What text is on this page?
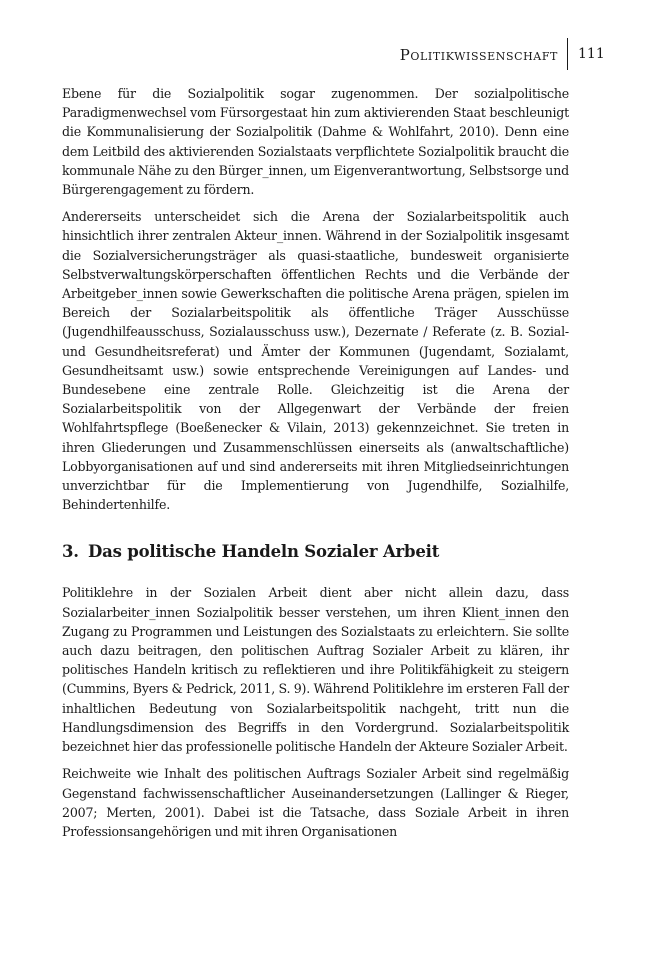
Politikwissenschaft 111

Ebene für die Sozialpolitik sogar zugenommen. Der sozialpolitische Paradigmenwechsel vom Fürsorgestaat hin zum aktivierenden Staat beschleunigt die Kommunalisierung der Sozialpolitik (Dahme & Wohlfahrt, 2010). Denn eine dem Leitbild des aktivierenden Sozialstaats verpflichtete Sozialpolitik braucht die kommunale Nähe zu den Bürger_innen, um Eigenverantwortung, Selbstsorge und Bürgerengagement zu fördern.

Andererseits unterscheidet sich die Arena der Sozialarbeitspolitik auch hinsichtlich ihrer zentralen Akteur_innen. Während in der Sozialpolitik insgesamt die Sozialversicherungsträger als quasi-staatliche, bundesweit organisierte Selbstverwaltungskörperschaften öffentlichen Rechts und die Verbände der Arbeitgeber_innen sowie Gewerkschaften die politische Arena prägen, spielen im Bereich der Sozialarbeitspolitik als öffentliche Träger Ausschüsse (Jugendhilfeausschuss, Sozialausschuss usw.), Dezernate / Referate (z. B. Sozial- und Gesundheitsreferat) und Ämter der Kommunen (Jugendamt, Sozialamt, Gesundheitsamt usw.) sowie entsprechende Vereinigungen auf Landes- und Bundesebene eine zentrale Rolle. Gleichzeitig ist die Arena der Sozialarbeitspolitik von der Allgegenwart der Verbände der freien Wohlfahrtspflege (Boeßenecker & Vilain, 2013) gekennzeichnet. Sie treten in ihren Gliederungen und Zusammenschlüssen einerseits als (anwaltschaftliche) Lobbyorganisationen auf und sind andererseits mit ihren Mitgliedseinrichtungen unverzichtbar für die Implementierung von Jugendhilfe, Sozialhilfe, Behindertenhilfe.

3. Das politische Handeln Sozialer Arbeit

Politiklehre in der Sozialen Arbeit dient aber nicht allein dazu, dass Sozialarbeiter_innen Sozialpolitik besser verstehen, um ihren Klient_innen den Zugang zu Programmen und Leistungen des Sozialstaats zu erleichtern. Sie sollte auch dazu beitragen, den politischen Auftrag Sozialer Arbeit zu klären, ihr politisches Handeln kritisch zu reflektieren und ihre Politikfähigkeit zu steigern (Cummins, Byers & Pedrick, 2011, S. 9). Während Politiklehre im ersteren Fall der inhaltlichen Bedeutung von Sozialarbeitspolitik nachgeht, tritt nun die Handlungsdimension des Begriffs in den Vordergrund. Sozialarbeitspolitik bezeichnet hier das professionelle politische Handeln der Akteure Sozialer Arbeit.

Reichweite wie Inhalt des politischen Auftrags Sozialer Arbeit sind regelmäßig Gegenstand fachwissenschaftlicher Auseinandersetzungen (Lallinger & Rieger, 2007; Merten, 2001). Dabei ist die Tatsache, dass Soziale Arbeit in ihren Professionsangehörigen und mit ihren Organisationen
